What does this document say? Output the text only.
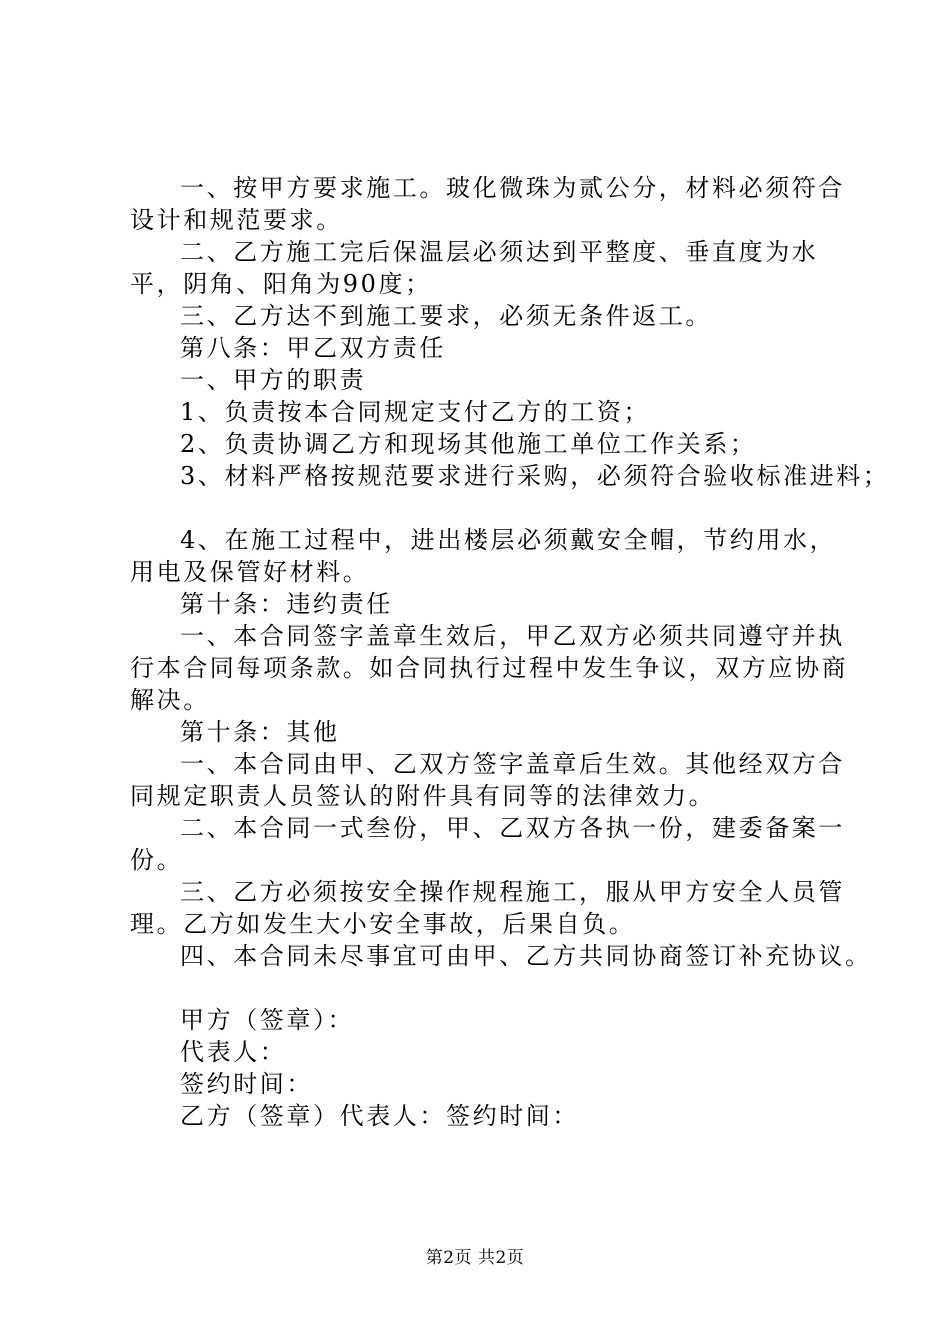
一、按甲方要求施工。玻化微珠为贰公分，材料必须符合设计和规范要求。

二、乙方施工完后保温层必须达到平整度、垂直度为水平，阴角、阳角为90度；

三、乙方达不到施工要求，必须无条件返工。

第八条：甲乙双方责任

一、甲方的职责

1、负责按本合同规定支付乙方的工资；

2、负责协调乙方和现场其他施工单位工作关系；

3、材料严格按规范要求进行采购，必须符合验收标准进料；

4、在施工过程中，进出楼层必须戴安全帽，节约用水，用电及保管好材料。

第十条：违约责任

一、本合同签字盖章生效后，甲乙双方必须共同遵守并执行本合同每项条款。如合同执行过程中发生争议，双方应协商解决。

第十条：其他

一、本合同由甲、乙双方签字盖章后生效。其他经双方合同规定职责人员签认的附件具有同等的法律效力。

二、本合同一式叁份，甲、乙双方各执一份，建委备案一份。

三、乙方必须按安全操作规程施工，服从甲方安全人员管理。乙方如发生大小安全事故，后果自负。

四、本合同未尽事宜可由甲、乙方共同协商签订补充协议。

甲方（签章）：

代表人：

签约时间：

乙方（签章）代表人：签约时间：

第2页 共2页
